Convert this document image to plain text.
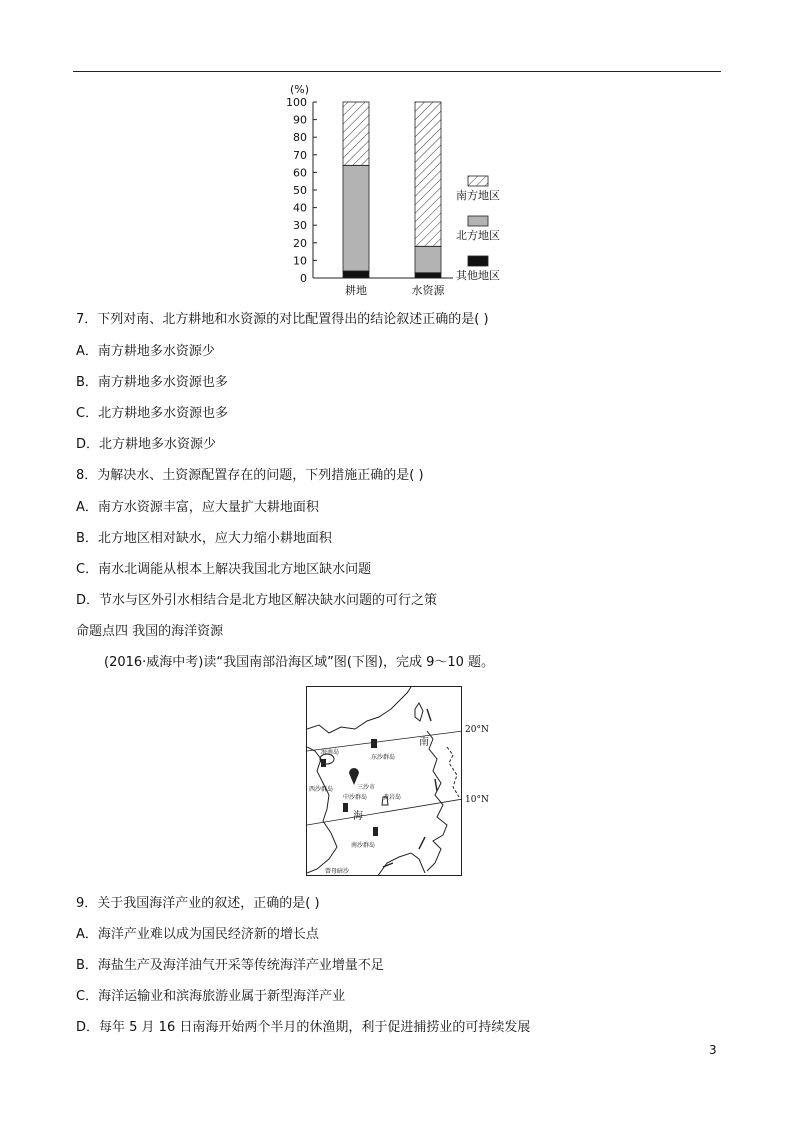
(%)
0
10
20
30
40
50
60
70
80
90
100
耕地	水资源
南方地区
北方地区
其他地区
7．下列对南、北方耕地和水资源的对比配置得出的结论叙述正确的是( )
A．南方耕地多水资源少
B．南方耕地多水资源也多
C．北方耕地多水资源也多
D．北方耕地多水资源少
8．为解决水、土资源配置存在的问题，下列措施正确的是( )
A．南方水资源丰富，应大量扩大耕地面积
B．北方地区相对缺水，应大力缩小耕地面积
C．南水北调能从根本上解决我国北方地区缺水问题
D．节水与区外引水相结合是北方地区解决缺水问题的可行之策
命题点四 我国的海洋资源
(2016·威海中考)读“我国南部沿海区域”图(下图)，完成 9～10 题。
南
海
海南岛
东沙群岛
三沙市
西沙群岛
中沙群岛	黄岩岛
南沙群岛
曾母暗沙
20°N
10°N
9．关于我国海洋产业的叙述，正确的是( )
A．海洋产业难以成为国民经济新的增长点
B．海盐生产及海洋油气开采等传统海洋产业增量不足
C．海洋运输业和滨海旅游业属于新型海洋产业
D．每年 5 月 16 日南海开始两个半月的休渔期，利于促进捕捞业的可持续发展
3
